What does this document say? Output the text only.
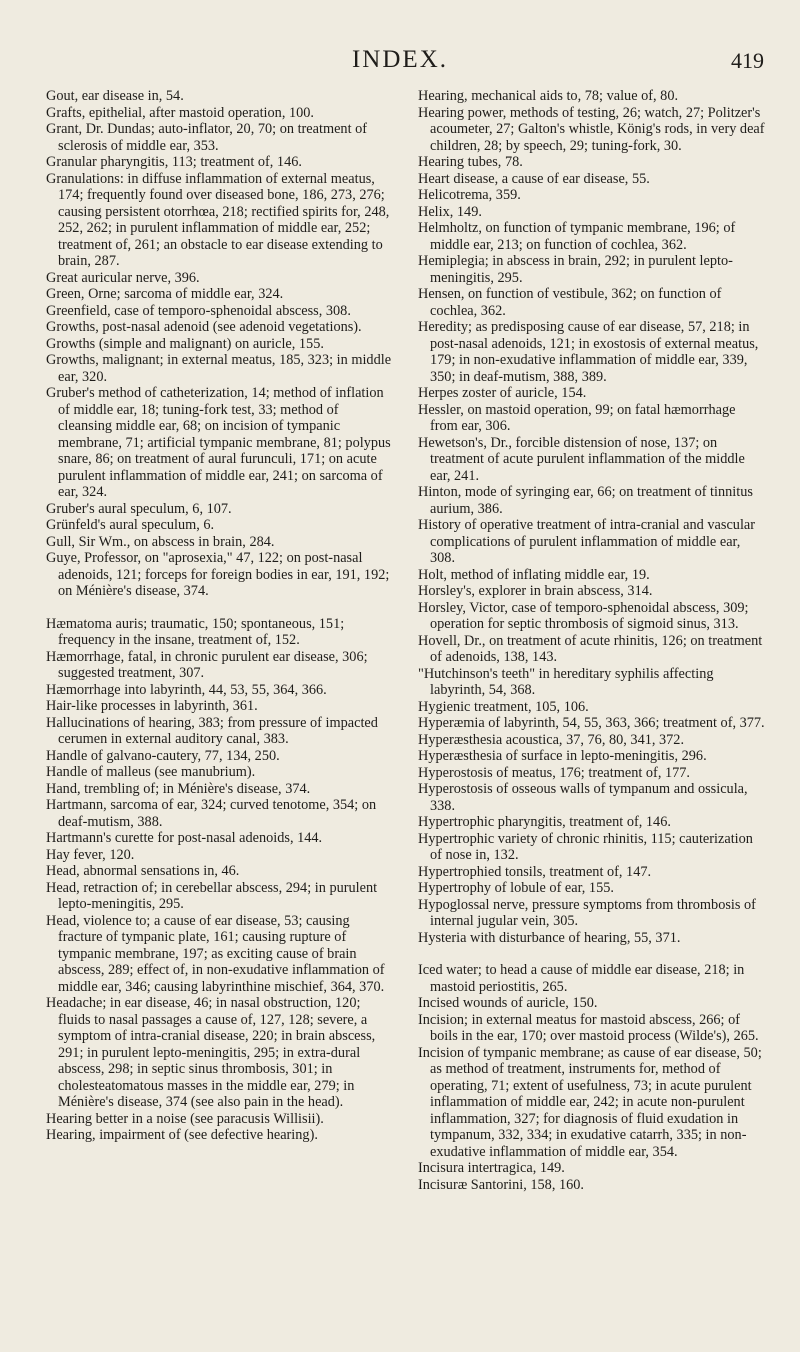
INDEX.	419

Gout, ear disease in, 54.

Grafts, epithelial, after mastoid operation, 100.

Grant, Dr. Dundas; auto-inflator, 20, 70; on treatment of sclerosis of middle ear, 353.

Granular pharyngitis, 113; treatment of, 146.

Granulations: in diffuse inflammation of external meatus, 174; frequently found over diseased bone, 186, 273, 276; causing persistent otorrhœa, 218; rectified spirits for, 248, 252, 262; in purulent inflammation of middle ear, 252; treatment of, 261; an obstacle to ear disease extending to brain, 287.

Great auricular nerve, 396.

Green, Orne; sarcoma of middle ear, 324.

Greenfield, case of temporo-sphenoidal abscess, 308.

Growths, post-nasal adenoid (see adenoid vegetations).

Growths (simple and malignant) on auricle, 155.

Growths, malignant; in external meatus, 185, 323; in middle ear, 320.

Gruber's method of catheterization, 14; method of inflation of middle ear, 18; tuning-fork test, 33; method of cleansing middle ear, 68; on incision of tympanic membrane, 71; artificial tympanic membrane, 81; polypus snare, 86; on treatment of aural furunculi, 171; on acute purulent inflammation of middle ear, 241; on sarcoma of ear, 324.

Gruber's aural speculum, 6, 107.

Grünfeld's aural speculum, 6.

Gull, Sir Wm., on abscess in brain, 284.

Guye, Professor, on "aprosexia," 47, 122; on post-nasal adenoids, 121; forceps for foreign bodies in ear, 191, 192; on Ménière's disease, 374.

Hæmatoma auris; traumatic, 150; spontaneous, 151; frequency in the insane, treatment of, 152.

Hæmorrhage, fatal, in chronic purulent ear disease, 306; suggested treatment, 307.

Hæmorrhage into labyrinth, 44, 53, 55, 364, 366.

Hair-like processes in labyrinth, 361.

Hallucinations of hearing, 383; from pressure of impacted cerumen in external auditory canal, 383.

Handle of galvano-cautery, 77, 134, 250.

Handle of malleus (see manubrium).

Hand, trembling of; in Ménière's disease, 374.

Hartmann, sarcoma of ear, 324; curved tenotome, 354; on deaf-mutism, 388.

Hartmann's curette for post-nasal adenoids, 144.

Hay fever, 120.

Head, abnormal sensations in, 46.

Head, retraction of; in cerebellar abscess, 294; in purulent lepto-meningitis, 295.

Head, violence to; a cause of ear disease, 53; causing fracture of tympanic plate, 161; causing rupture of tympanic membrane, 197; as exciting cause of brain abscess, 289; effect of, in non-exudative inflammation of middle ear, 346; causing labyrinthine mischief, 364, 370.

Headache; in ear disease, 46; in nasal obstruction, 120; fluids to nasal passages a cause of, 127, 128; severe, a symptom of intra-cranial disease, 220; in brain abscess, 291; in purulent lepto-meningitis, 295; in extra-dural abscess, 298; in septic sinus thrombosis, 301; in cholesteatomatous masses in the middle ear, 279; in Ménière's disease, 374 (see also pain in the head).

Hearing better in a noise (see paracusis Willisii).

Hearing, impairment of (see defective hearing).

Hearing, mechanical aids to, 78; value of, 80.

Hearing power, methods of testing, 26; watch, 27; Politzer's acoumeter, 27; Galton's whistle, König's rods, in very deaf children, 28; by speech, 29; tuning-fork, 30.

Hearing tubes, 78.

Heart disease, a cause of ear disease, 55.

Helicotrema, 359.

Helix, 149.

Helmholtz, on function of tympanic membrane, 196; of middle ear, 213; on function of cochlea, 362.

Hemiplegia; in abscess in brain, 292; in purulent lepto-meningitis, 295.

Hensen, on function of vestibule, 362; on function of cochlea, 362.

Heredity; as predisposing cause of ear disease, 57, 218; in post-nasal adenoids, 121; in exostosis of external meatus, 179; in non-exudative inflammation of middle ear, 339, 350; in deaf-mutism, 388, 389.

Herpes zoster of auricle, 154.

Hessler, on mastoid operation, 99; on fatal hæmorrhage from ear, 306.

Hewetson's, Dr., forcible distension of nose, 137; on treatment of acute purulent inflammation of the middle ear, 241.

Hinton, mode of syringing ear, 66; on treatment of tinnitus aurium, 386.

History of operative treatment of intra-cranial and vascular complications of purulent inflammation of middle ear, 308.

Holt, method of inflating middle ear, 19.

Horsley's, explorer in brain abscess, 314.

Horsley, Victor, case of temporo-sphenoidal abscess, 309; operation for septic thrombosis of sigmoid sinus, 313.

Hovell, Dr., on treatment of acute rhinitis, 126; on treatment of adenoids, 138, 143.

"Hutchinson's teeth" in hereditary syphilis affecting labyrinth, 54, 368.

Hygienic treatment, 105, 106.

Hyperæmia of labyrinth, 54, 55, 363, 366; treatment of, 377.

Hyperæsthesia acoustica, 37, 76, 80, 341, 372.

Hyperæsthesia of surface in lepto-meningitis, 296.

Hyperostosis of meatus, 176; treatment of, 177.

Hyperostosis of osseous walls of tympanum and ossicula, 338.

Hypertrophic pharyngitis, treatment of, 146.

Hypertrophic variety of chronic rhinitis, 115; cauterization of nose in, 132.

Hypertrophied tonsils, treatment of, 147.

Hypertrophy of lobule of ear, 155.

Hypoglossal nerve, pressure symptoms from thrombosis of internal jugular vein, 305.

Hysteria with disturbance of hearing, 55, 371.

Iced water; to head a cause of middle ear disease, 218; in mastoid periostitis, 265.

Incised wounds of auricle, 150.

Incision; in external meatus for mastoid abscess, 266; of boils in the ear, 170; over mastoid process (Wilde's), 265.

Incision of tympanic membrane; as cause of ear disease, 50; as method of treatment, instruments for, method of operating, 71; extent of usefulness, 73; in acute purulent inflammation of middle ear, 242; in acute non-purulent inflammation, 327; for diagnosis of fluid exudation in tympanum, 332, 334; in exudative catarrh, 335; in non-exudative inflammation of middle ear, 354.

Incisura intertragica, 149.

Incisuræ Santorini, 158, 160.
